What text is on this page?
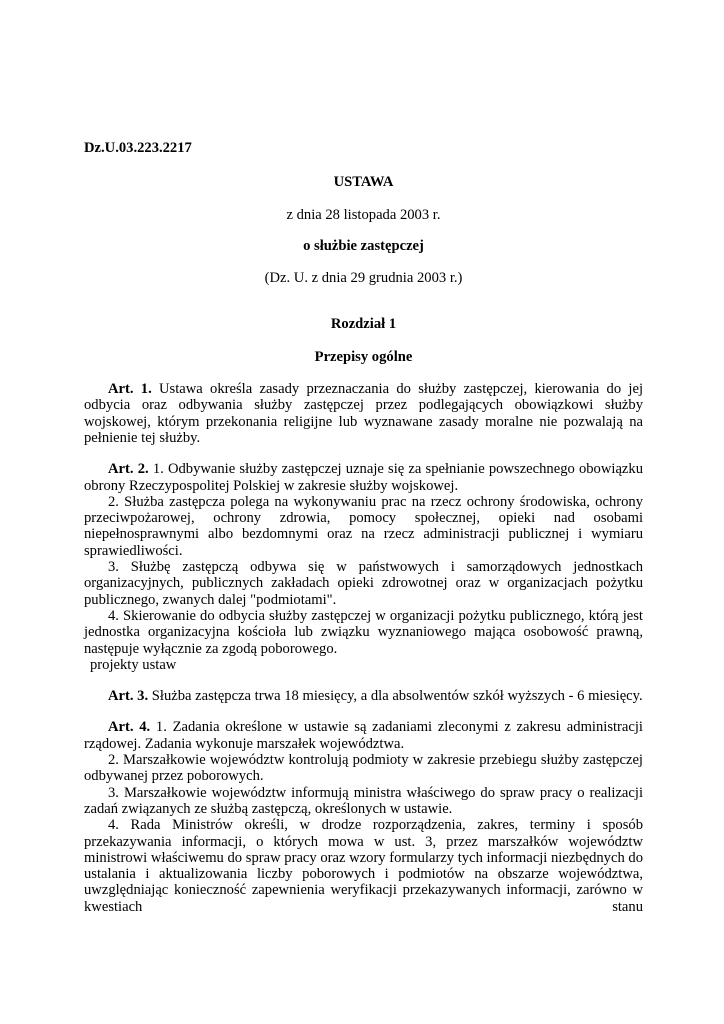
Dz.U.03.223.2217

USTAWA

z dnia 28 listopada 2003 r.

o służbie zastępczej

(Dz. U. z dnia 29 grudnia 2003 r.)

Rozdział 1

Przepisy ogólne

Art. 1. Ustawa określa zasady przeznaczania do służby zastępczej, kierowania do jej odbycia oraz odbywania służby zastępczej przez podlegających obowiązkowi służby wojskowej, którym przekonania religijne lub wyznawane zasady moralne nie pozwalają na pełnienie tej służby.

Art. 2. 1. Odbywanie służby zastępczej uznaje się za spełnianie powszechnego obowiązku obrony Rzeczypospolitej Polskiej w zakresie służby wojskowej.

2. Służba zastępcza polega na wykonywaniu prac na rzecz ochrony środowiska, ochrony przeciwpożarowej, ochrony zdrowia, pomocy społecznej, opieki nad osobami niepełnosprawnymi albo bezdomnymi oraz na rzecz administracji publicznej i wymiaru sprawiedliwości.

3. Służbę zastępczą odbywa się w państwowych i samorządowych jednostkach organizacyjnych, publicznych zakładach opieki zdrowotnej oraz w organizacjach pożytku publicznego, zwanych dalej "podmiotami".

4. Skierowanie do odbycia służby zastępczej w organizacji pożytku publicznego, którą jest jednostka organizacyjna kościoła lub związku wyznaniowego mająca osobowość prawną, następuje wyłącznie za zgodą poborowego.

projekty ustaw

Art. 3. Służba zastępcza trwa 18 miesięcy, a dla absolwentów szkół wyższych - 6 miesięcy.

Art. 4. 1. Zadania określone w ustawie są zadaniami zleconymi z zakresu administracji rządowej. Zadania wykonuje marszałek województwa.

2. Marszałkowie województw kontrolują podmioty w zakresie przebiegu służby zastępczej odbywanej przez poborowych.

3. Marszałkowie województw informują ministra właściwego do spraw pracy o realizacji zadań związanych ze służbą zastępczą, określonych w ustawie.

4. Rada Ministrów określi, w drodze rozporządzenia, zakres, terminy i sposób przekazywania informacji, o których mowa w ust. 3, przez marszałków województw ministrowi właściwemu do spraw pracy oraz wzory formularzy tych informacji niezbędnych do ustalania i aktualizowania liczby poborowych i podmiotów na obszarze województwa, uwzględniając konieczność zapewnienia weryfikacji przekazywanych informacji, zarówno w kwestiach stanu
